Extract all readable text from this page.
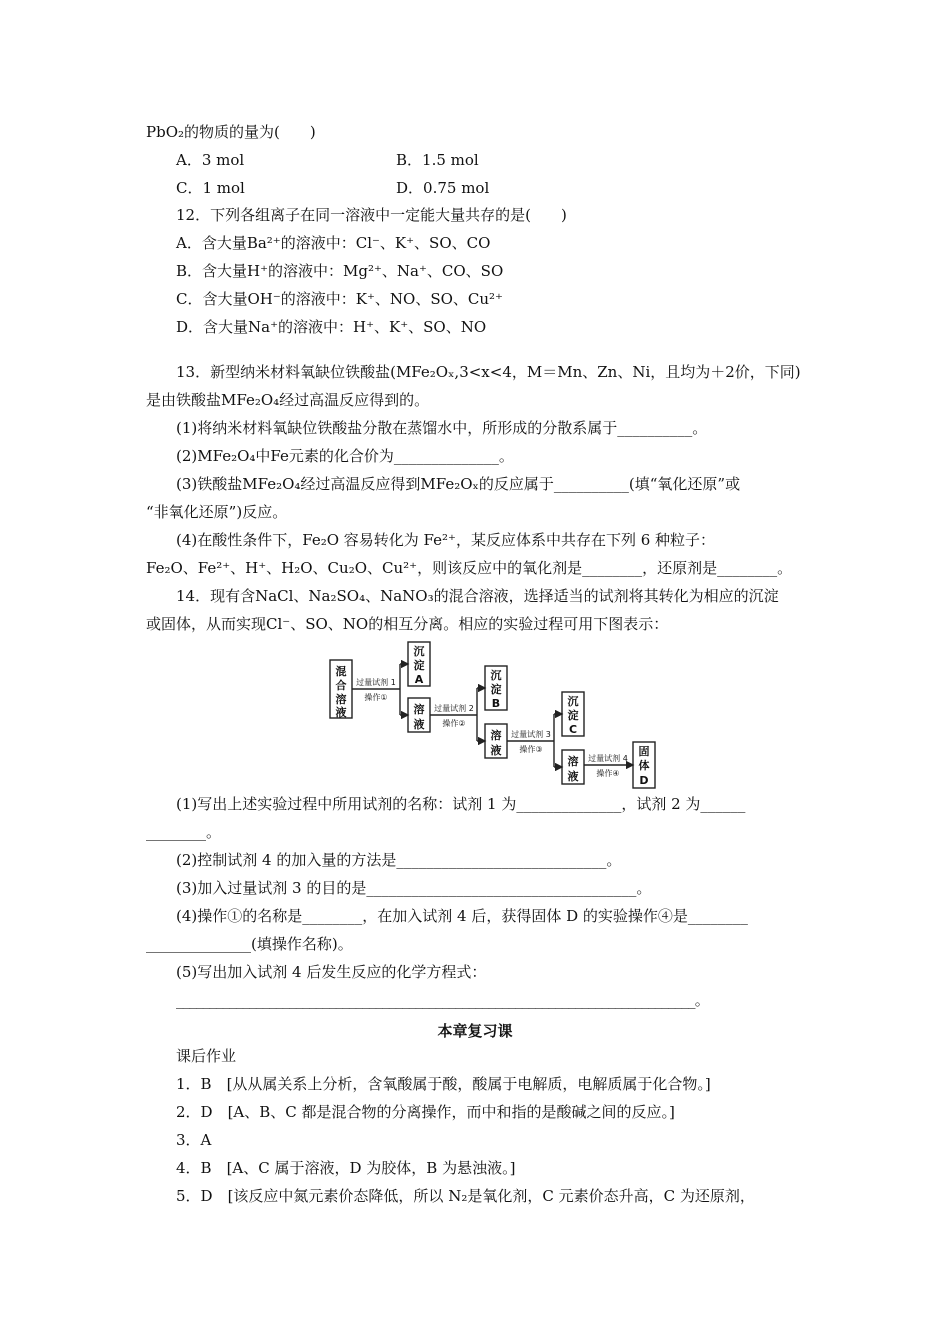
PbO₂的物质的量为(　　)
A．3 mol	B．1.5 mol
C．1 mol	D．0.75 mol
12．下列各组离子在同一溶液中一定能大量共存的是(　　)
A．含大量Ba²⁺的溶液中：Cl⁻、K⁺、SO、CO
B．含大量H⁺的溶液中：Mg²⁺、Na⁺、CO、SO
C．含大量OH⁻的溶液中：K⁺、NO、SO、Cu²⁺
D．含大量Na⁺的溶液中：H⁺、K⁺、SO、NO
13．新型纳米材料氧缺位铁酸盐(MFe₂Oₓ,3<x<4，M＝Mn、Zn、Ni，且均为＋2价，下同)
是由铁酸盐MFe₂O₄经过高温反应得到的。
(1)将纳米材料氧缺位铁酸盐分散在蒸馏水中，所形成的分散系属于__________。
(2)MFe₂O₄中Fe元素的化合价为______________。
(3)铁酸盐MFe₂O₄经过高温反应得到MFe₂Oₓ的反应属于__________(填“氧化还原”或
“非氧化还原”)反应。
(4)在酸性条件下，Fe₂O 容易转化为 Fe²⁺，某反应体系中共存在下列 6 种粒子：
Fe₂O、Fe²⁺、H⁺、H₂O、Cu₂O、Cu²⁺，则该反应中的氧化剂是________，还原剂是________。
14．现有含NaCl、Na₂SO₄、NaNO₃的混合溶液，选择适当的试剂将其转化为相应的沉淀
或固体，从而实现Cl⁻、SO、NO的相互分离。相应的实验过程可用下图表示：
混
合
溶
液
沉
淀
A
溶
液
沉
淀
B
溶
液
沉
淀
C
溶
液
固
体
D
过量试剂 1
操作①
过量试剂 2
操作②
过量试剂 3
操作③
过量试剂 4
操作④
(1)写出上述实验过程中所用试剂的名称：试剂 1 为______________，试剂 2 为______
________。
(2)控制试剂 4 的加入量的方法是____________________________。
(3)加入过量试剂 3 的目的是____________________________________。
(4)操作①的名称是________，在加入试剂 4 后，获得固体 D 的实验操作④是________
______________(填操作名称)。
(5)写出加入试剂 4 后发生反应的化学方程式：
______________________________________________________________________________。
本章复习课
课后作业
1．B　[从从属关系上分析，含氧酸属于酸，酸属于电解质，电解质属于化合物。]
2．D　[A、B、C 都是混合物的分离操作，而中和指的是酸碱之间的反应。]
3．A
4．B　[A、C 属于溶液，D 为胶体，B 为悬浊液。]
5．D　[该反应中氮元素价态降低，所以 N₂是氧化剂，C 元素价态升高，C 为还原剂，
